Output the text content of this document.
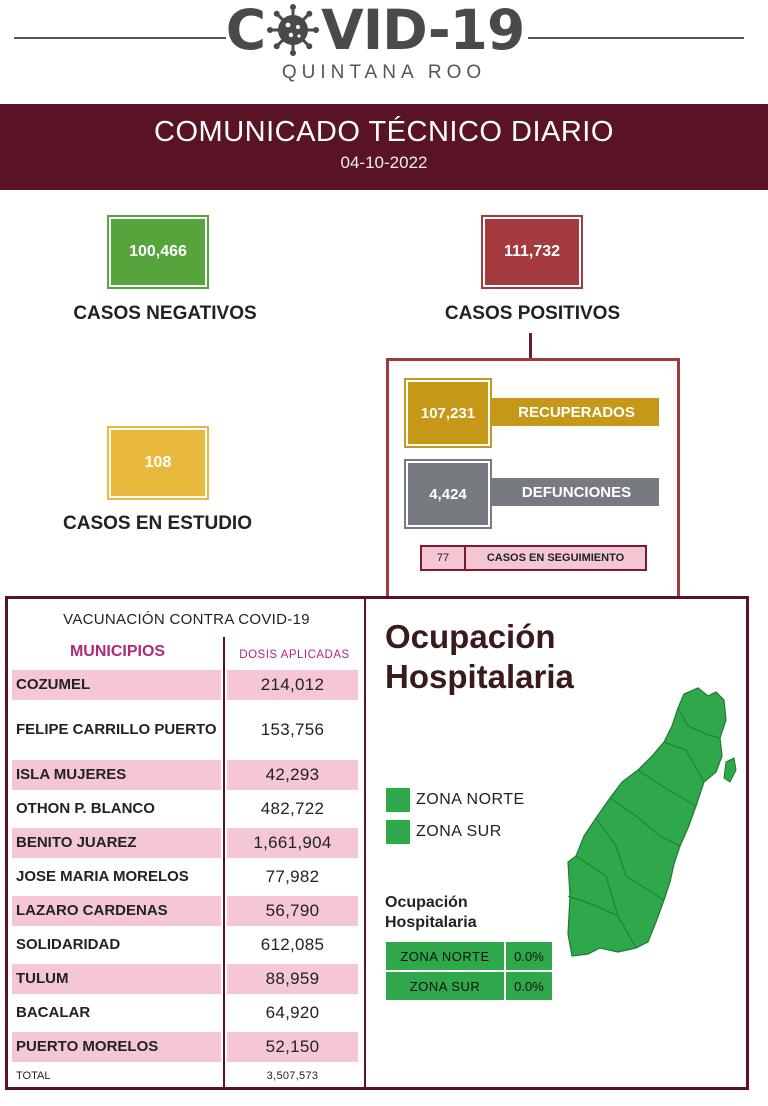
C VID-19
QUINTANA ROO
COMUNICADO TÉCNICO DIARIO
04-10-2022
100,466
CASOS NEGATIVOS
111,732
CASOS POSITIVOS
108
CASOS EN ESTUDIO
RECUPERADOS
107,231
DEFUNCIONES
4,424
77	CASOS EN SEGUIMIENTO
VACUNACIÓN CONTRA COVID-19
MUNICIPIOS	DOSIS APLICADAS
COZUMEL	214,012
FELIPE CARRILLO PUERTO	153,756
ISLA MUJERES	42,293
OTHON P. BLANCO	482,722
BENITO JUAREZ	1,661,904
JOSE MARIA MORELOS	77,982
LAZARO CARDENAS	56,790
SOLIDARIDAD	612,085
TULUM	88,959
BACALAR	64,920
PUERTO MORELOS	52,150
TOTAL	3,507,573
Ocupación
Hospitalaria
ZONA NORTE
ZONA SUR
Ocupación
Hospitalaria
ZONA NORTE	0.0%
ZONA SUR	0.0%
